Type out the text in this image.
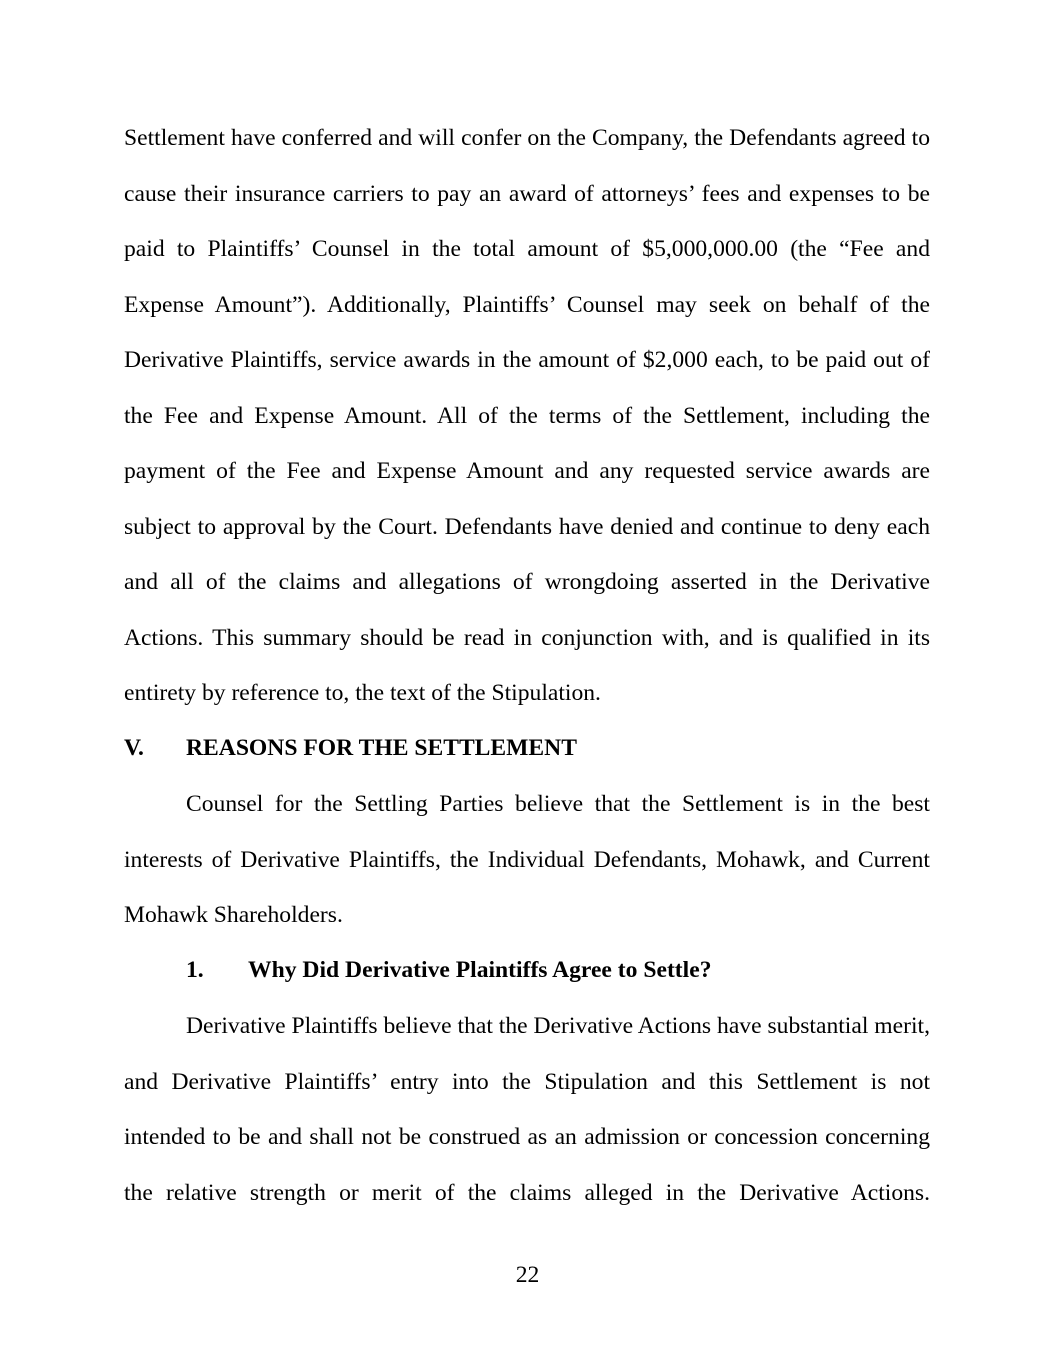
Settlement have conferred and will confer on the Company, the Defendants agreed to cause their insurance carriers to pay an award of attorneys’ fees and expenses to be paid to Plaintiffs’ Counsel in the total amount of $5,000,000.00 (the “Fee and Expense Amount”). Additionally, Plaintiffs’ Counsel may seek on behalf of the Derivative Plaintiffs, service awards in the amount of $2,000 each, to be paid out of the Fee and Expense Amount. All of the terms of the Settlement, including the payment of the Fee and Expense Amount and any requested service awards are subject to approval by the Court. Defendants have denied and continue to deny each and all of the claims and allegations of wrongdoing asserted in the Derivative Actions. This summary should be read in conjunction with, and is qualified in its entirety by reference to, the text of the Stipulation.

V. REASONS FOR THE SETTLEMENT

Counsel for the Settling Parties believe that the Settlement is in the best interests of Derivative Plaintiffs, the Individual Defendants, Mohawk, and Current Mohawk Shareholders.

1. Why Did Derivative Plaintiffs Agree to Settle?

Derivative Plaintiffs believe that the Derivative Actions have substantial merit, and Derivative Plaintiffs’ entry into the Stipulation and this Settlement is not intended to be and shall not be construed as an admission or concession concerning the relative strength or merit of the claims alleged in the Derivative Actions.

22
